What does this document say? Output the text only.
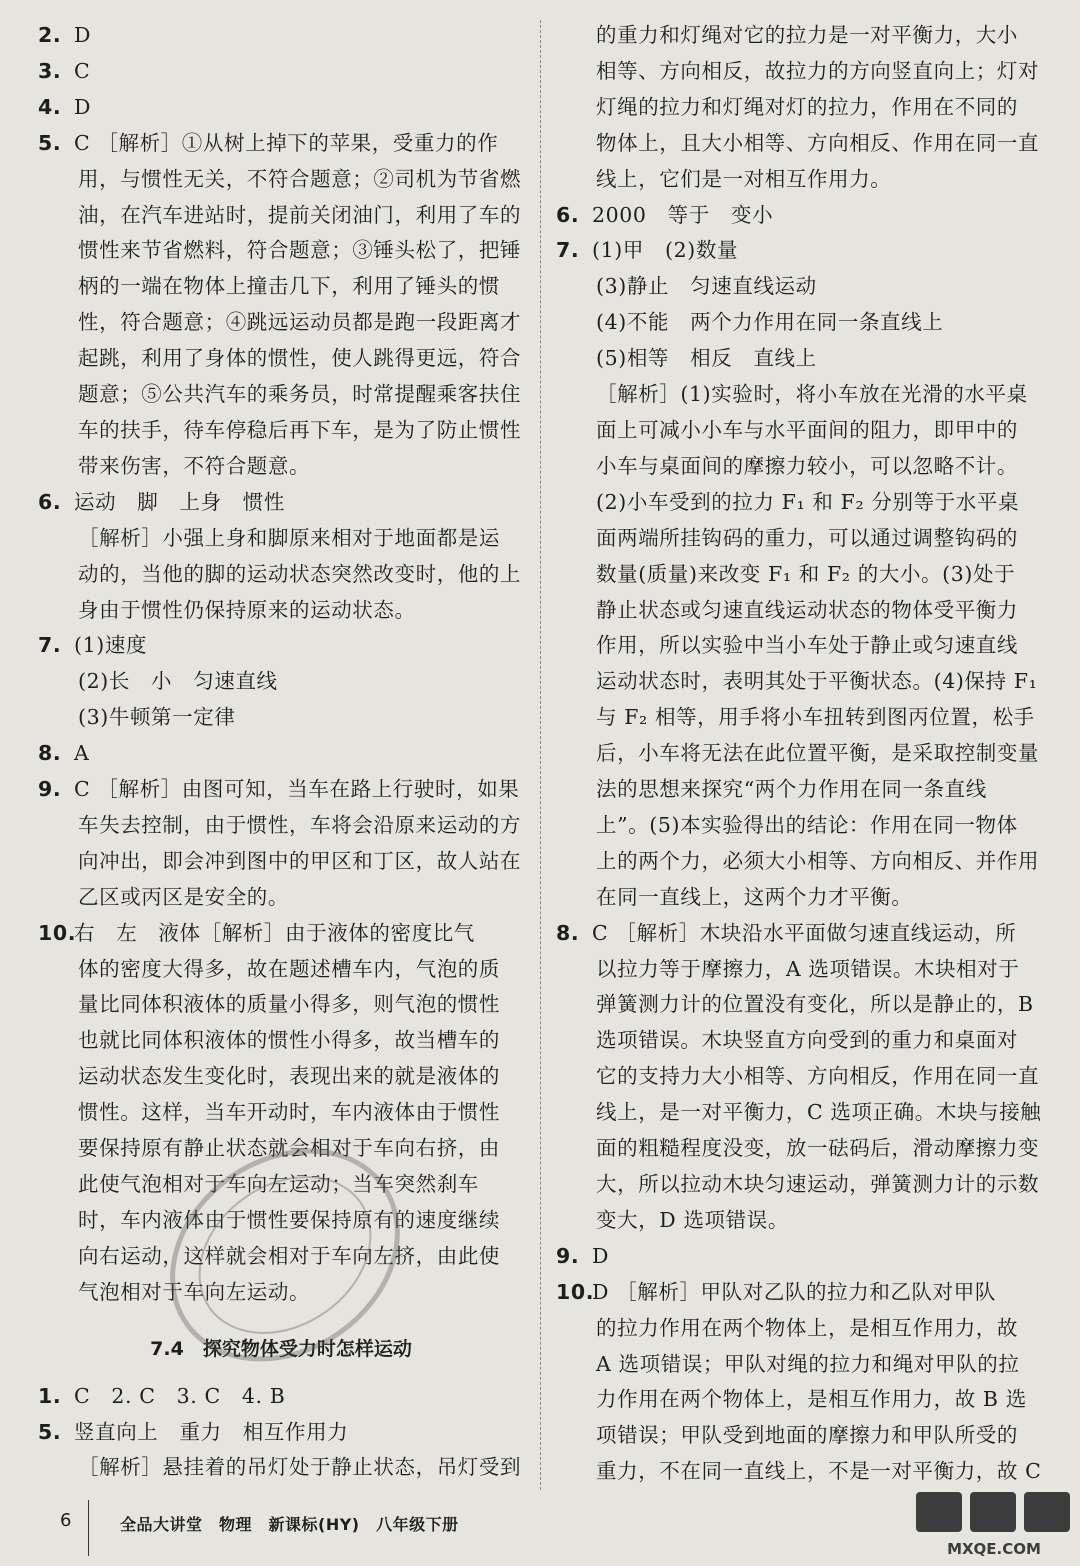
2. D
3. C
4. D
5. C ［解析］①从树上掉下的苹果，受重力的作
用，与惯性无关，不符合题意；②司机为节省燃
油，在汽车进站时，提前关闭油门，利用了车的
惯性来节省燃料，符合题意；③锤头松了，把锤
柄的一端在物体上撞击几下，利用了锤头的惯
性，符合题意；④跳远运动员都是跑一段距离才
起跳，利用了身体的惯性，使人跳得更远，符合
题意；⑤公共汽车的乘务员，时常提醒乘客扶住
车的扶手，待车停稳后再下车，是为了防止惯性
带来伤害，不符合题意。
6. 运动　脚　上身　惯性
［解析］小强上身和脚原来相对于地面都是运
动的，当他的脚的运动状态突然改变时，他的上
身由于惯性仍保持原来的运动状态。
7. (1)速度
(2)长　小　匀速直线
(3)牛顿第一定律
8. A
9. C ［解析］由图可知，当车在路上行驶时，如果
车失去控制，由于惯性，车将会沿原来运动的方
向冲出，即会冲到图中的甲区和丁区，故人站在
乙区或丙区是安全的。
10.右　左　液体［解析］由于液体的密度比气
体的密度大得多，故在题述槽车内，气泡的质
量比同体积液体的质量小得多，则气泡的惯性
也就比同体积液体的惯性小得多，故当槽车的
运动状态发生变化时，表现出来的就是液体的
惯性。这样，当车开动时，车内液体由于惯性
要保持原有静止状态就会相对于车向右挤，由
此使气泡相对于车向左运动；当车突然刹车
时，车内液体由于惯性要保持原有的速度继续
向右运动，这样就会相对于车向左挤，由此使
气泡相对于车向左运动。
7.4　探究物体受力时怎样运动
1. C　2. C　3. C　4. B
5. 竖直向上　重力　相互作用力
［解析］悬挂着的吊灯处于静止状态，吊灯受到
的重力和灯绳对它的拉力是一对平衡力，大小
相等、方向相反，故拉力的方向竖直向上；灯对
灯绳的拉力和灯绳对灯的拉力，作用在不同的
物体上，且大小相等、方向相反、作用在同一直
线上，它们是一对相互作用力。
6. 2000　等于　变小
7. (1)甲　(2)数量
(3)静止　匀速直线运动
(4)不能　两个力作用在同一条直线上
(5)相等　相反　直线上
［解析］(1)实验时，将小车放在光滑的水平桌
面上可减小小车与水平面间的阻力，即甲中的
小车与桌面间的摩擦力较小，可以忽略不计。
(2)小车受到的拉力 F₁ 和 F₂ 分别等于水平桌
面两端所挂钩码的重力，可以通过调整钩码的
数量(质量)来改变 F₁ 和 F₂ 的大小。(3)处于
静止状态或匀速直线运动状态的物体受平衡力
作用，所以实验中当小车处于静止或匀速直线
运动状态时，表明其处于平衡状态。(4)保持 F₁
与 F₂ 相等，用手将小车扭转到图丙位置，松手
后，小车将无法在此位置平衡，是采取控制变量
法的思想来探究“两个力作用在同一条直线
上”。(5)本实验得出的结论：作用在同一物体
上的两个力，必须大小相等、方向相反、并作用
在同一直线上，这两个力才平衡。
8. C ［解析］木块沿水平面做匀速直线运动，所
以拉力等于摩擦力，A 选项错误。木块相对于
弹簧测力计的位置没有变化，所以是静止的，B
选项错误。木块竖直方向受到的重力和桌面对
它的支持力大小相等、方向相反，作用在同一直
线上，是一对平衡力，C 选项正确。木块与接触
面的粗糙程度没变，放一砝码后，滑动摩擦力变
大，所以拉动木块匀速运动，弹簧测力计的示数
变大，D 选项错误。
9. D
10.D ［解析］甲队对乙队的拉力和乙队对甲队
的拉力作用在两个物体上，是相互作用力，故
A 选项错误；甲队对绳的拉力和绳对甲队的拉
力作用在两个物体上，是相互作用力，故 B 选
项错误；甲队受到地面的摩擦力和甲队所受的
重力，不在同一直线上，不是一对平衡力，故 C
6	全品大讲堂　物理　新课标(HY)　八年级下册
MXQE.COM
